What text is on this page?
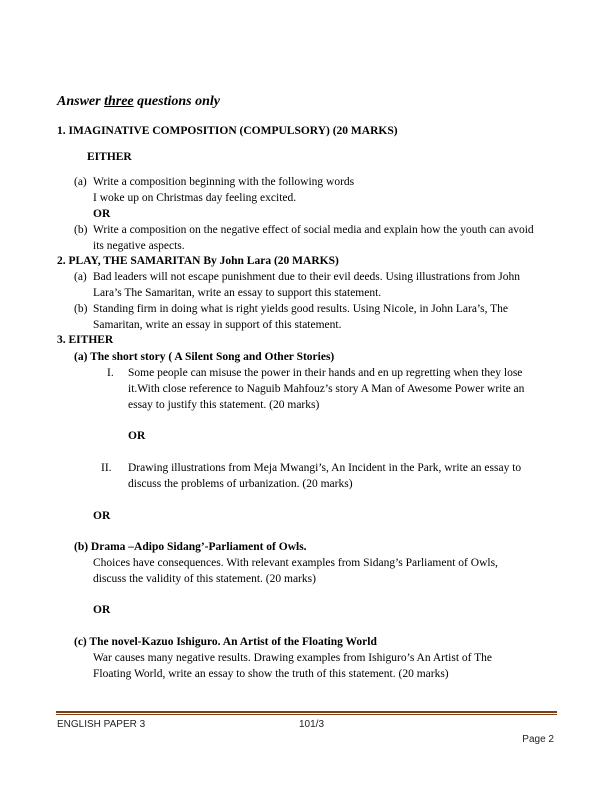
Answer three questions only
1. IMAGINATIVE COMPOSITION (COMPULSORY) (20 MARKS)
EITHER
(a) Write a composition beginning with the following words
I woke up on Christmas day feeling excited.
OR
(b) Write a composition on the negative effect of social media and explain how the youth can avoid
its negative aspects.
2. PLAY, THE SAMARITAN By John Lara (20 MARKS)
(a) Bad leaders will not escape punishment due to their evil deeds. Using illustrations from John
Lara’s The Samaritan, write an essay to support this statement.
(b) Standing firm in doing what is right yields good results. Using Nicole, in John Lara’s, The
Samaritan, write an essay in support of this statement.
3. EITHER
(a) The short story ( A Silent Song and Other Stories)
I. Some people can misuse the power in their hands and en up regretting when they lose
it.With close reference to Naguib Mahfouz’s story A Man of Awesome Power write an
essay to justify this statement. (20 marks)
OR
II. Drawing illustrations from Meja Mwangi’s, An Incident in the Park, write an essay to
discuss the problems of urbanization. (20 marks)
OR
(b) Drama –Adipo Sidang’-Parliament of Owls.
Choices have consequences. With relevant examples from Sidang’s Parliament of Owls,
discuss the validity of this statement. (20 marks)
OR
(c) The novel-Kazuo Ishiguro. An Artist of the Floating World
War causes many negative results. Drawing examples from Ishiguro’s An Artist of The
Floating World, write an essay to show the truth of this statement. (20 marks)
ENGLISH PAPER 3	101/3
Page 2
